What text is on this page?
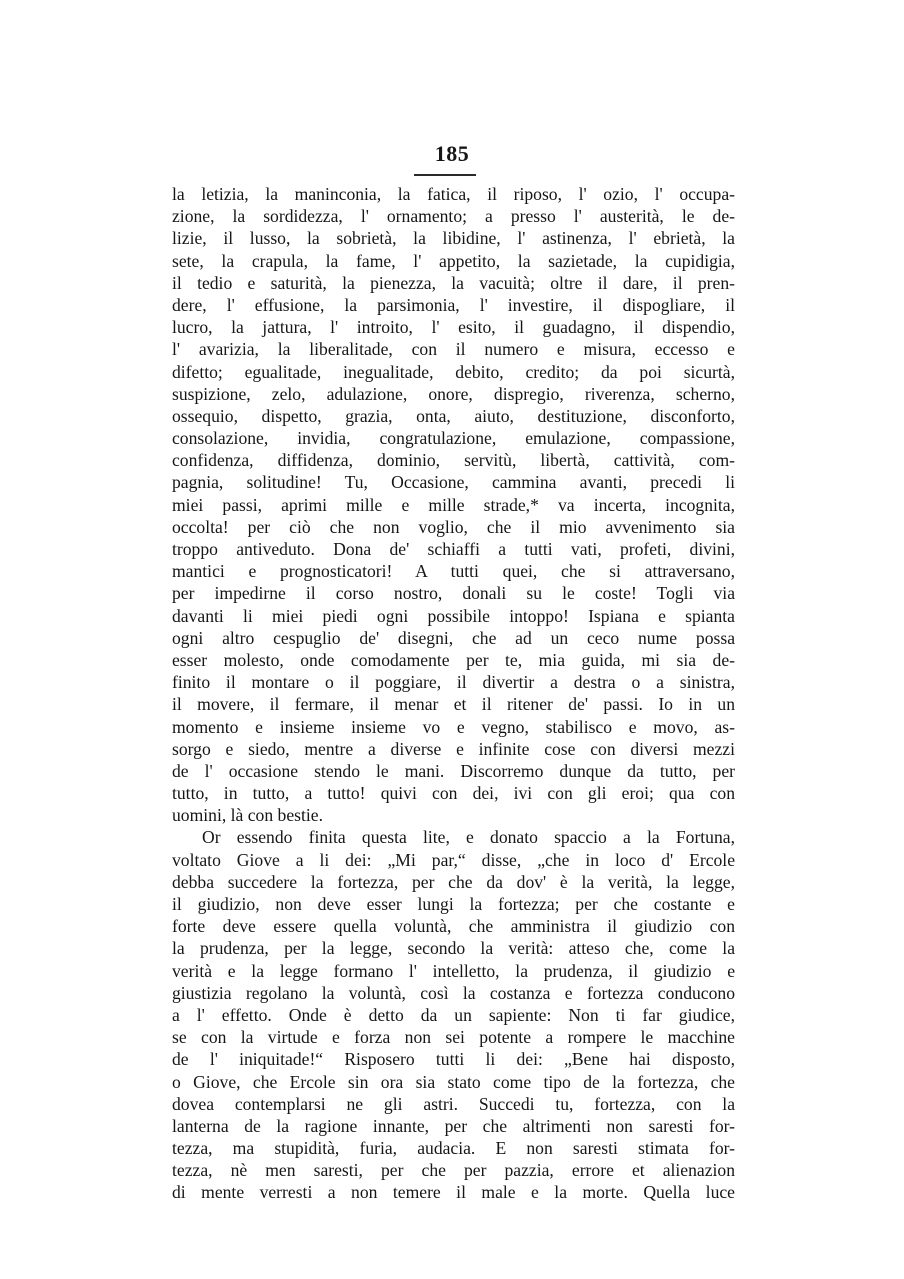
185
la letizia, la maninconia, la fatica, il riposo, l' ozio, l' occupa-
zione, la sordidezza, l' ornamento; a presso l' austerità, le de-
lizie, il lusso, la sobrietà, la libidine, l' astinenza, l' ebrietà, la
sete, la crapula, la fame, l' appetito, la sazietade, la cupidigia,
il tedio e saturità, la pienezza, la vacuità; oltre il dare, il pren-
dere, l' effusione, la parsimonia, l' investire, il dispogliare, il
lucro, la jattura, l' introito, l' esito, il guadagno, il dispendio,
l' avarizia, la liberalitade, con il numero e misura, eccesso e
difetto; egualitade, inegualitade, debito, credito; da poi sicurtà,
suspizione, zelo, adulazione, onore, dispregio, riverenza, scherno,
ossequio, dispetto, grazia, onta, aiuto, destituzione, disconforto,
consolazione, invidia, congratulazione, emulazione, compassione,
confidenza, diffidenza, dominio, servitù, libertà, cattività, com-
pagnia, solitudine! Tu, Occasione, cammina avanti, precedi li
miei passi, aprimi mille e mille strade,* va incerta, incognita,
occolta! per ciò che non voglio, che il mio avvenimento sia
troppo antiveduto. Dona de' schiaffi a tutti vati, profeti, divini,
mantici e prognosticatori! A tutti quei, che si attraversano,
per impedirne il corso nostro, donali su le coste! Togli via
davanti li miei piedi ogni possibile intoppo! Ispiana e spianta
ogni altro cespuglio de' disegni, che ad un ceco nume possa
esser molesto, onde comodamente per te, mia guida, mi sia de-
finito il montare o il poggiare, il divertir a destra o a sinistra,
il movere, il fermare, il menar et il ritener de' passi. Io in un
momento e insieme insieme vo e vegno, stabilisco e movo, as-
sorgo e siedo, mentre a diverse e infinite cose con diversi mezzi
de l' occasione stendo le mani. Discorremo dunque da tutto, per
tutto, in tutto, a tutto! quivi con dei, ivi con gli eroi; qua con
uomini, là con bestie.
Or essendo finita questa lite, e donato spaccio a la Fortuna,
voltato Giove a li dei: „Mi par,“ disse, „che in loco d' Ercole
debba succedere la fortezza, per che da dov' è la verità, la legge,
il giudizio, non deve esser lungi la fortezza; per che costante e
forte deve essere quella voluntà, che amministra il giudizio con
la prudenza, per la legge, secondo la verità: atteso che, come la
verità e la legge formano l' intelletto, la prudenza, il giudizio e
giustizia regolano la voluntà, così la costanza e fortezza conducono
a l' effetto. Onde è detto da un sapiente: Non ti far giudice,
se con la virtude e forza non sei potente a rompere le macchine
de l' iniquitade!“ Risposero tutti li dei: „Bene hai disposto,
o Giove, che Ercole sin ora sia stato come tipo de la fortezza, che
dovea contemplarsi ne gli astri. Succedi tu, fortezza, con la
lanterna de la ragione innante, per che altrimenti non saresti for-
tezza, ma stupidità, furia, audacia. E non saresti stimata for-
tezza, nè men saresti, per che per pazzia, errore et alienazion
di mente verresti a non temere il male e la morte. Quella luce
